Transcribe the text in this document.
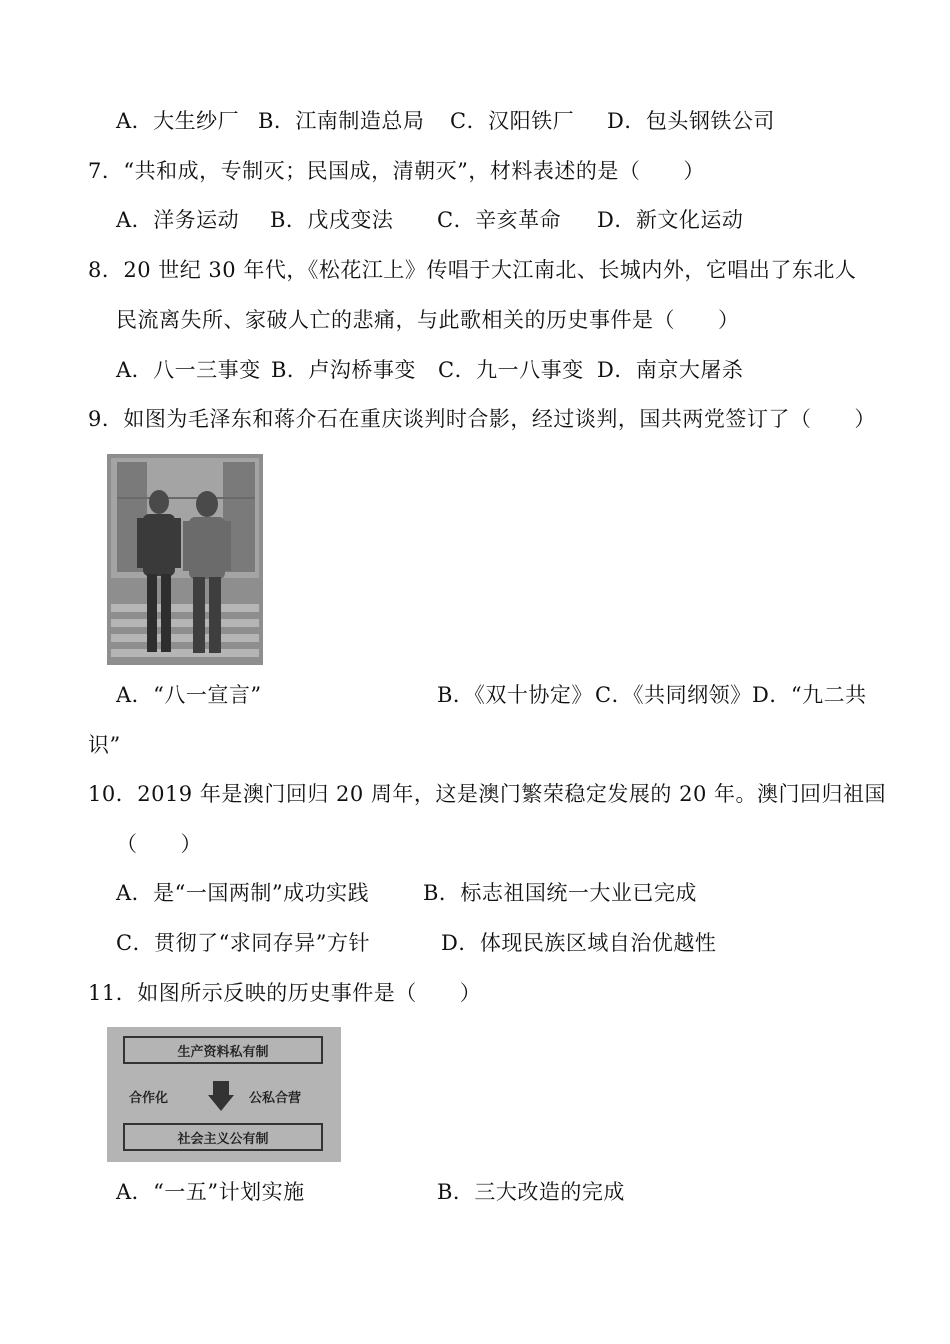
A．大生纱厂 B．江南制造总局 C．汉阳铁厂 D．包头钢铁公司
7．“共和成，专制灭；民国成，清朝灭”，材料表述的是（　　）
A．洋务运动 B．戊戌变法 C．辛亥革命 D．新文化运动
8．20 世纪 30 年代，《松花江上》传唱于大江南北、长城内外，它唱出了东北人
民流离失所、家破人亡的悲痛，与此歌相关的历史事件是（　　）
A．八一三事变 B．卢沟桥事变 C．九一八事变 D．南京大屠杀
9．如图为毛泽东和蒋介石在重庆谈判时合影，经过谈判，国共两党签订了（　　）
A．“八一宣言”	B．《双十协定》 C．《共同纲领》 D．“九二共
识”
10．2019 年是澳门回归 20 周年，这是澳门繁荣稳定发展的 20 年。澳门回归祖国
（　　）
A．是“一国两制”成功实践	B．标志祖国统一大业已完成
C．贯彻了“求同存异”方针	D．体现民族区域自治优越性
11．如图所示反映的历史事件是（　　）
生产资料私有制
合作化	公私合营
社会主义公有制
A．“一五”计划实施	B．三大改造的完成
